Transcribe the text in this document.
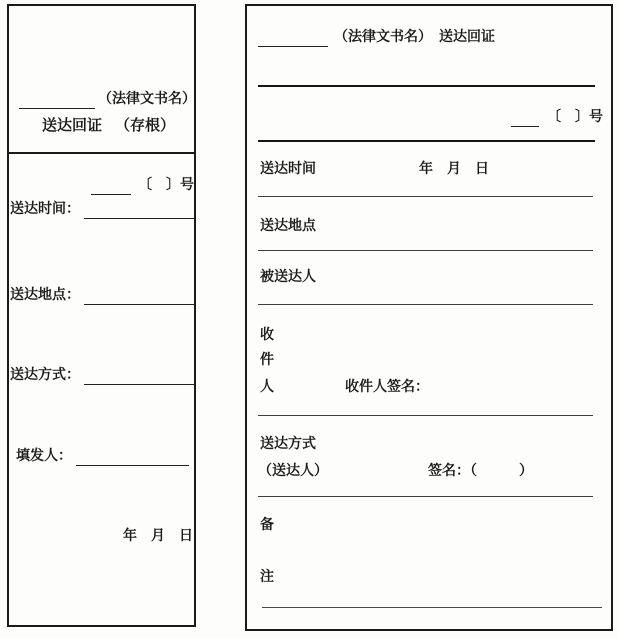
（法律文书名）
送达回证 （存根）
〔　〕号
送达时间：
送达地点：
送达方式：
填发人：
年　月　日
（法律文书名） 送达回证
〔　〕号
送达时间	年　月　日
送达地点
被送达人
收
件
人	收件人签名：
送达方式
（送达人）	签名：（　　　）
备
注
